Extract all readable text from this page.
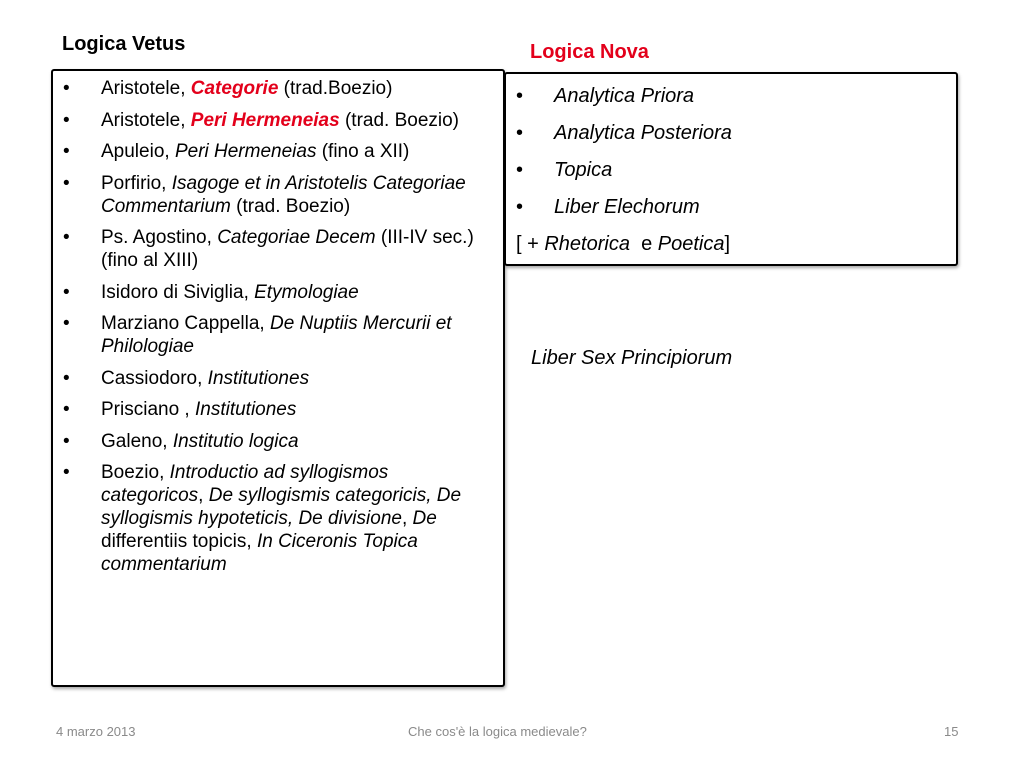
Logica Vetus	Logica Nova
• Aristotele, Categorie (trad.Boezio)
• Aristotele, Peri Hermeneias (trad. Boezio)
• Apuleio, Peri Hermeneias (fino a XII)
• Porfirio, Isagoge et in Aristotelis Categoriae Commentarium (trad. Boezio)
• Ps. Agostino, Categoriae Decem (III-IV sec.) (fino al XIII)
• Isidoro di Siviglia, Etymologiae
• Marziano Cappella, De Nuptiis Mercurii et Philologiae
• Cassiodoro, Institutiones
• Prisciano , Institutiones
• Galeno, Institutio logica
• Boezio, Introductio ad syllogismos categoricos, De syllogismis categoricis, De syllogismis hypoteticis, De divisione, De differentiis topicis, In Ciceronis Topica commentarium
• Analytica Priora
• Analytica Posteriora
• Topica
• Liber Elechorum
[ + Rhetorica  e Poetica]
Liber Sex Principiorum
4 marzo 2013	Che cos'è la logica medievale?	15
